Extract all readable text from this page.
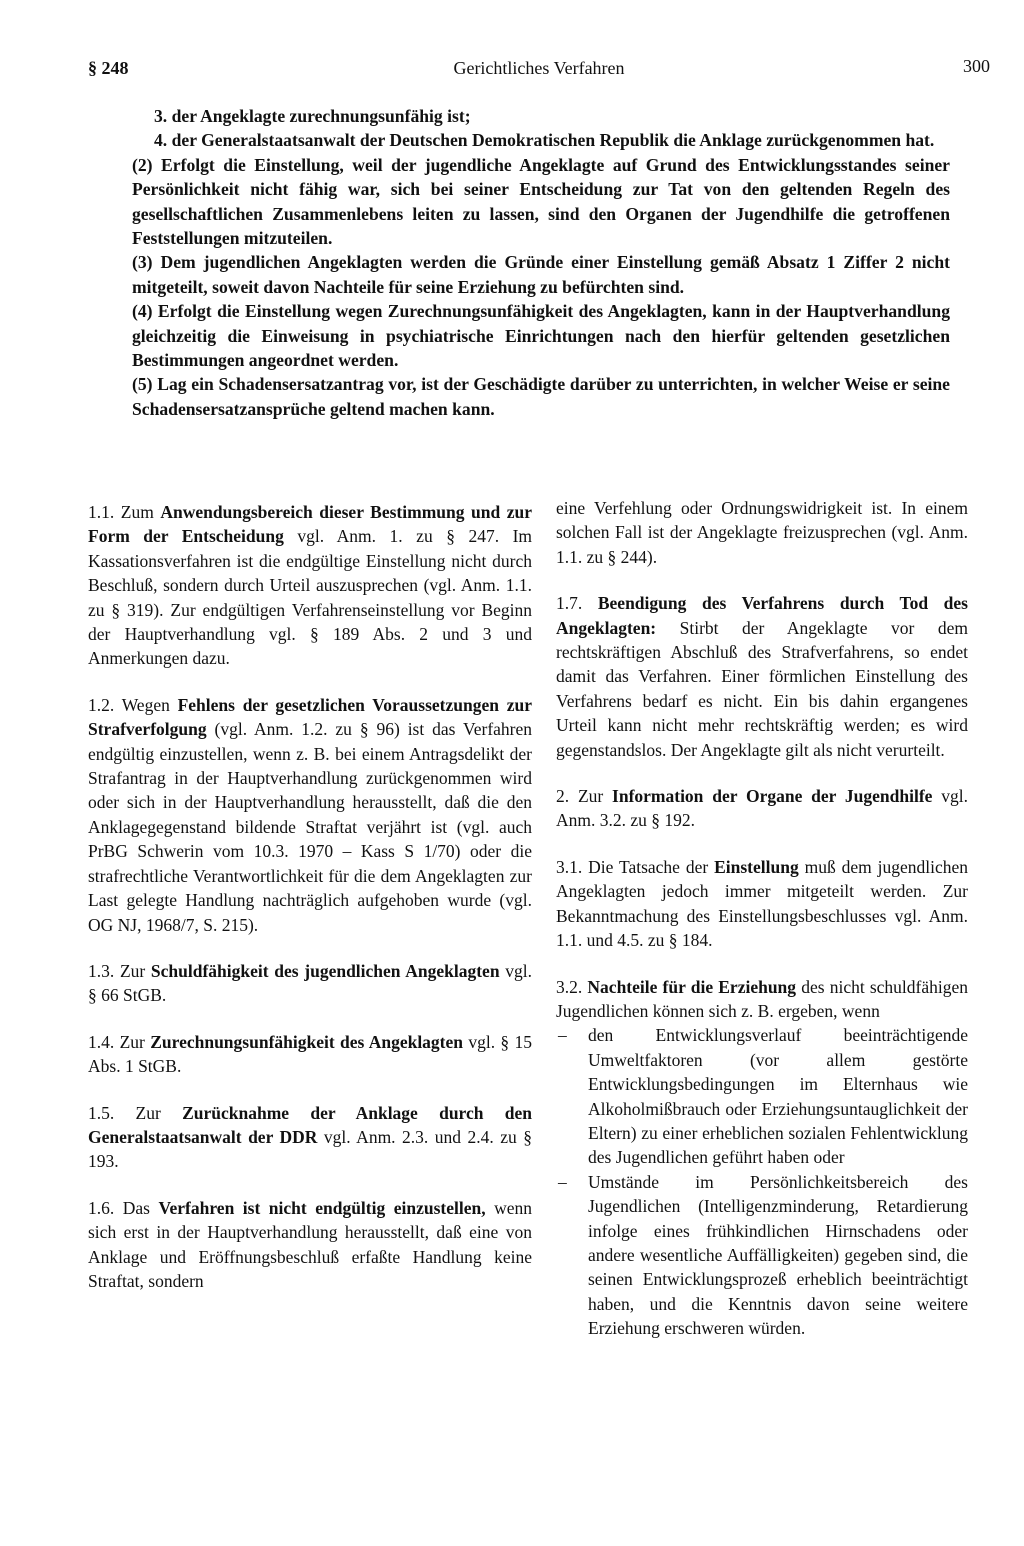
Gerichtliches Verfahren
§ 248	300

3. der Angeklagte zurechnungsunfähig ist;

4. der Generalstaatsanwalt der Deutschen Demokratischen Republik die Anklage zurückgenommen hat.

(2) Erfolgt die Einstellung, weil der jugendliche Angeklagte auf Grund des Entwicklungsstandes seiner Persönlichkeit nicht fähig war, sich bei seiner Entscheidung zur Tat von den geltenden Regeln des gesellschaftlichen Zusammenlebens leiten zu lassen, sind den Organen der Jugendhilfe die getroffenen Feststellungen mitzuteilen.

(3) Dem jugendlichen Angeklagten werden die Gründe einer Einstellung gemäß Absatz 1 Ziffer 2 nicht mitgeteilt, soweit davon Nachteile für seine Erziehung zu befürchten sind.

(4) Erfolgt die Einstellung wegen Zurechnungsunfähigkeit des Angeklagten, kann in der Hauptverhandlung gleichzeitig die Einweisung in psychiatrische Einrichtungen nach den hierfür geltenden gesetzlichen Bestimmungen angeordnet werden.

(5) Lag ein Schadensersatzantrag vor, ist der Geschädigte darüber zu unterrichten, in welcher Weise er seine Schadensersatzansprüche geltend machen kann.

1.1. Zum Anwendungsbereich dieser Bestimmung und zur Form der Entscheidung vgl. Anm. 1. zu § 247. Im Kassationsverfahren ist die endgültige Einstellung nicht durch Beschluß, sondern durch Urteil auszusprechen (vgl. Anm. 1.1. zu § 319). Zur endgültigen Verfahrenseinstellung vor Beginn der Hauptverhandlung vgl. § 189 Abs. 2 und 3 und Anmerkungen dazu.

1.2. Wegen Fehlens der gesetzlichen Voraussetzungen zur Strafverfolgung (vgl. Anm. 1.2. zu § 96) ist das Verfahren endgültig einzustellen, wenn z. B. bei einem Antragsdelikt der Strafantrag in der Hauptverhandlung zurückgenommen wird oder sich in der Hauptverhandlung herausstellt, daß die den Anklagegegenstand bildende Straftat verjährt ist (vgl. auch PrBG Schwerin vom 10.3. 1970 – Kass S 1/70) oder die strafrechtliche Verantwortlichkeit für die dem Angeklagten zur Last gelegte Handlung nachträglich aufgehoben wurde (vgl. OG NJ, 1968/7, S. 215).

1.3. Zur Schuldfähigkeit des jugendlichen Angeklagten vgl. § 66 StGB.

1.4. Zur Zurechnungsunfähigkeit des Angeklagten vgl. § 15 Abs. 1 StGB.

1.5. Zur Zurücknahme der Anklage durch den Generalstaatsanwalt der DDR vgl. Anm. 2.3. und 2.4. zu § 193.

1.6. Das Verfahren ist nicht endgültig einzustellen, wenn sich erst in der Hauptverhandlung herausstellt, daß eine von Anklage und Eröffnungsbeschluß erfaßte Handlung keine Straftat, sondern

eine Verfehlung oder Ordnungswidrigkeit ist. In einem solchen Fall ist der Angeklagte freizusprechen (vgl. Anm. 1.1. zu § 244).

1.7. Beendigung des Verfahrens durch Tod des Angeklagten: Stirbt der Angeklagte vor dem rechtskräftigen Abschluß des Strafverfahrens, so endet damit das Verfahren. Einer förmlichen Einstellung des Verfahrens bedarf es nicht. Ein bis dahin ergangenes Urteil kann nicht mehr rechtskräftig werden; es wird gegenstandslos. Der Angeklagte gilt als nicht verurteilt.

2. Zur Information der Organe der Jugendhilfe vgl. Anm. 3.2. zu § 192.

3.1. Die Tatsache der Einstellung muß dem jugendlichen Angeklagten jedoch immer mitgeteilt werden. Zur Bekanntmachung des Einstellungsbeschlusses vgl. Anm. 1.1. und 4.5. zu § 184.

3.2. Nachteile für die Erziehung des nicht schuldfähigen Jugendlichen können sich z. B. ergeben, wenn

– den Entwicklungsverlauf beeinträchtigende Umweltfaktoren (vor allem gestörte Entwicklungsbedingungen im Elternhaus wie Alkoholmißbrauch oder Erziehungsuntauglichkeit der Eltern) zu einer erheblichen sozialen Fehlentwicklung des Jugendlichen geführt haben oder
– Umstände im Persönlichkeitsbereich des Jugendlichen (Intelligenzminderung, Retardierung infolge eines frühkindlichen Hirnschadens oder andere wesentliche Auffälligkeiten) gegeben sind, die seinen Entwicklungsprozeß erheblich beeinträchtigt haben, und die Kenntnis davon seine weitere Erziehung erschweren würden.
